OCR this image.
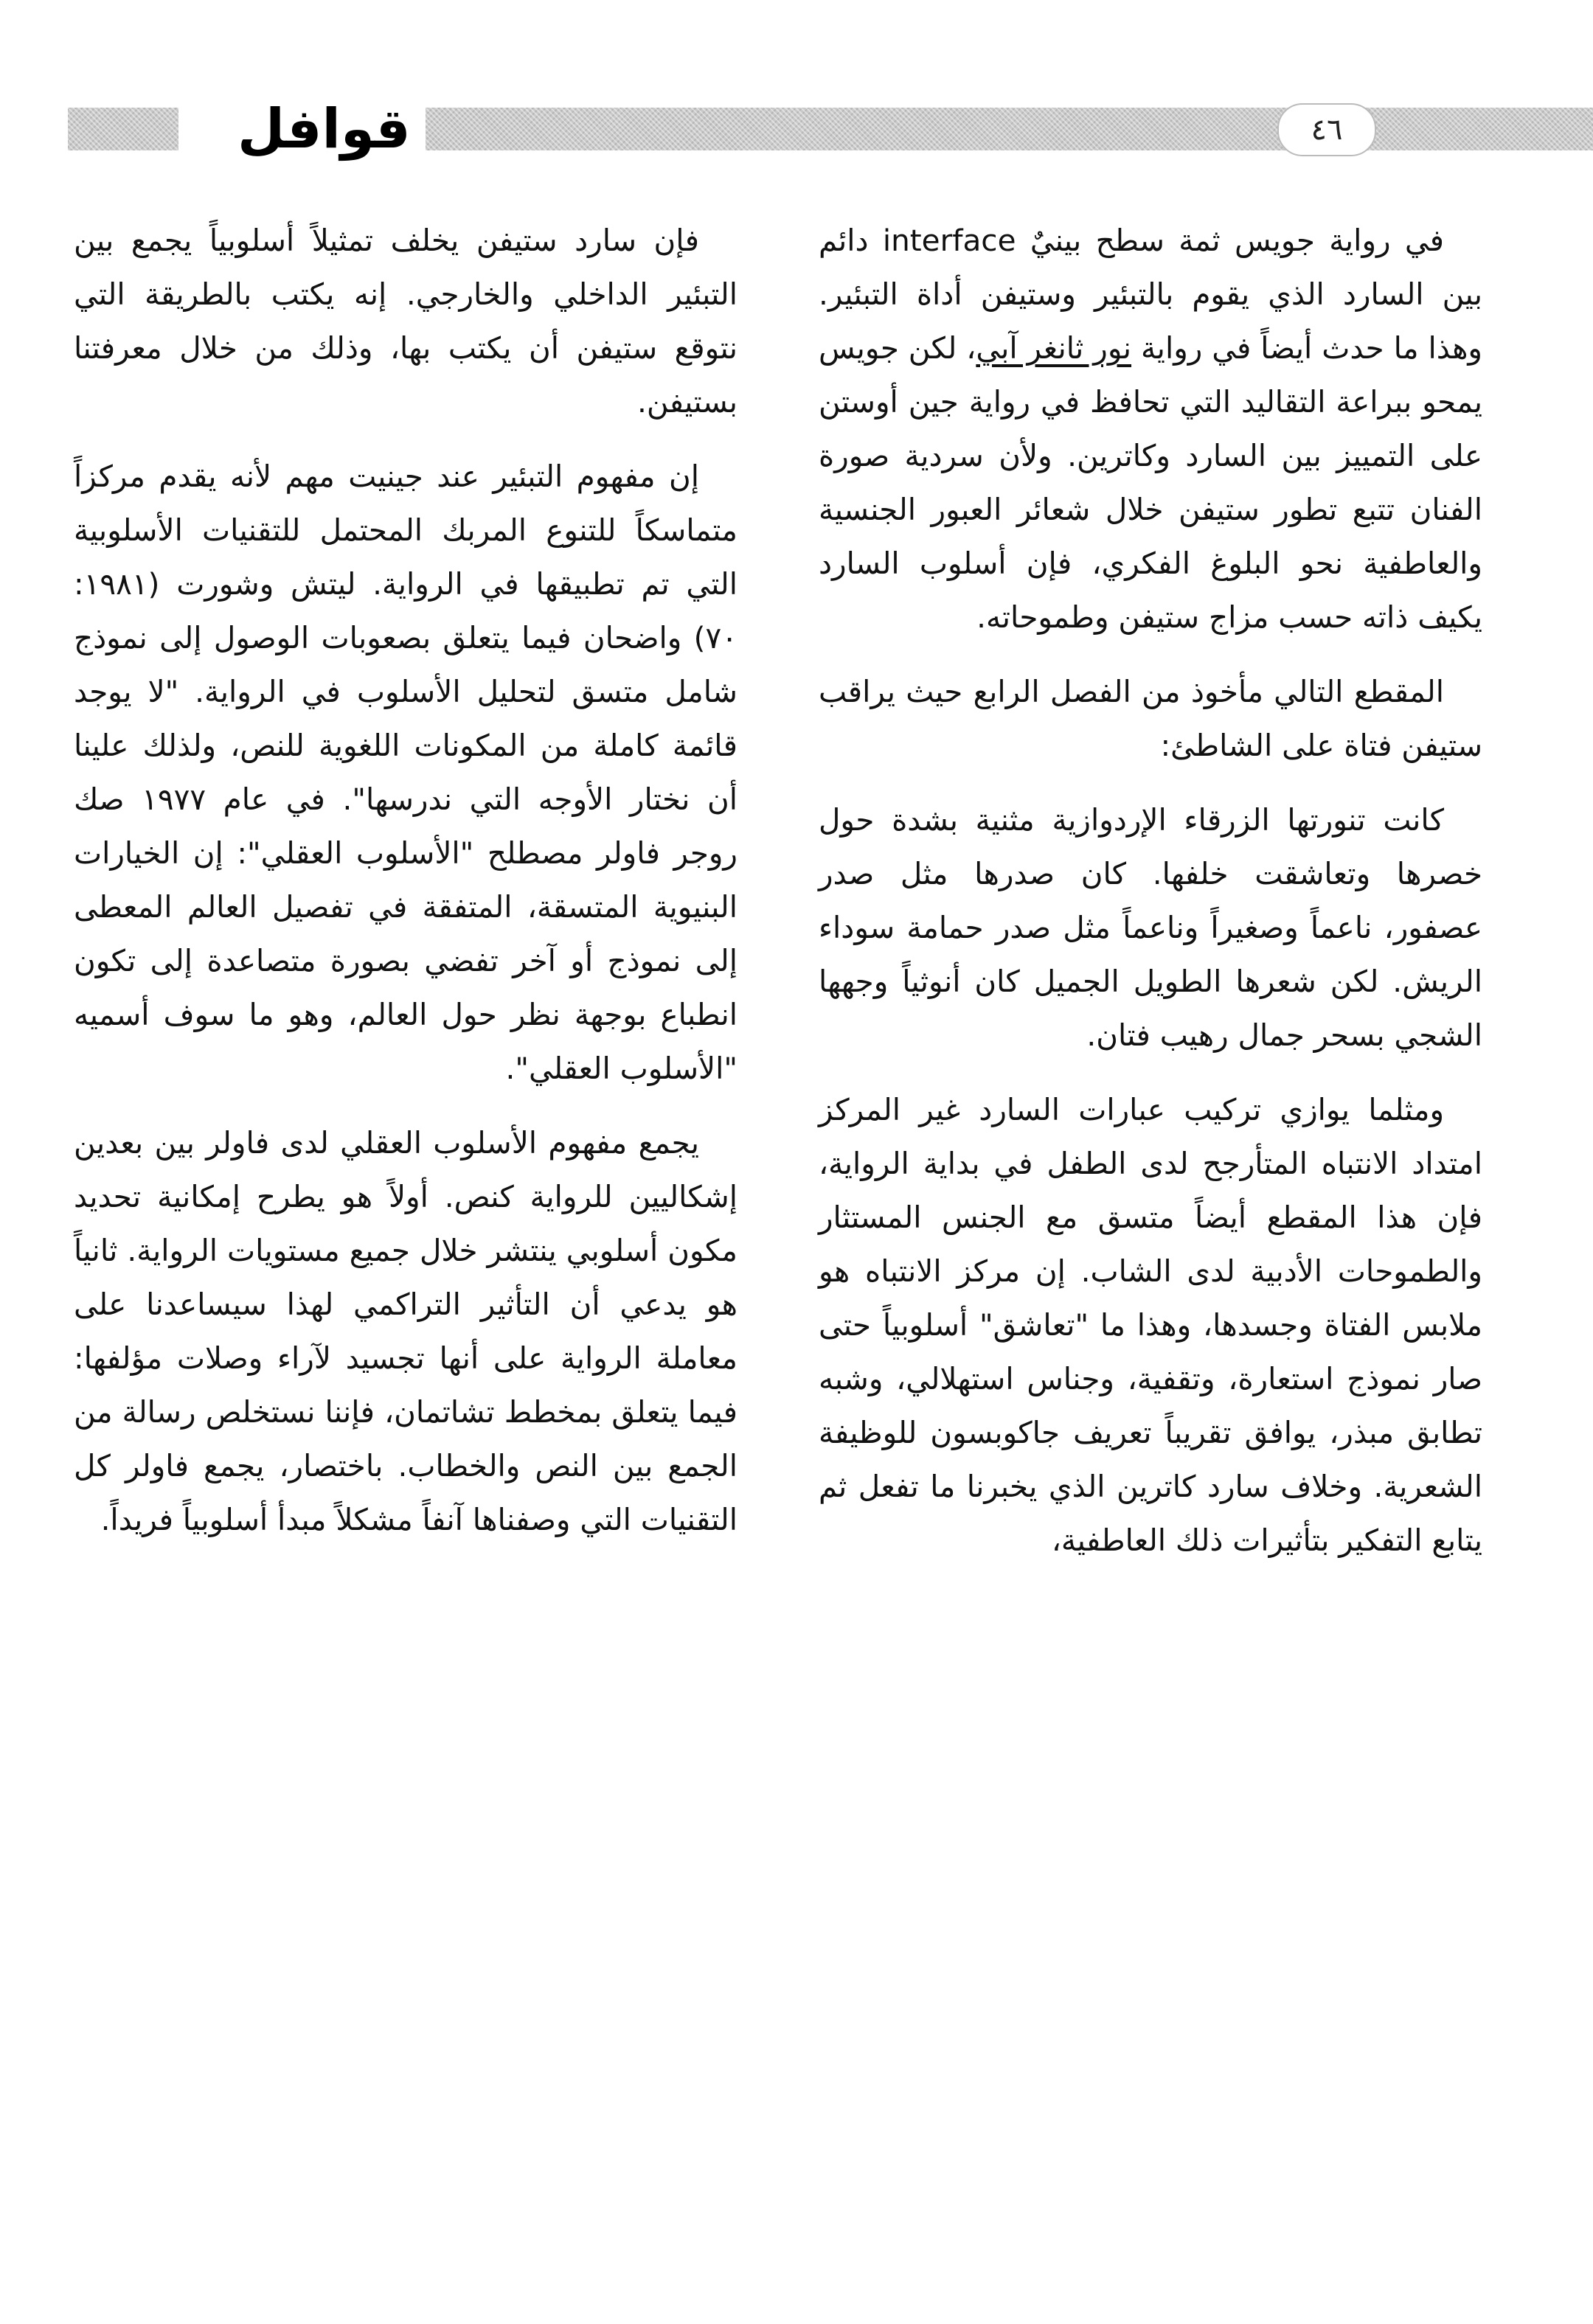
٤٦
قوافل

في رواية جويس ثمة سطح بينيٌ interface دائم بين السارد الذي يقوم بالتبئير وستيفن أداة التبئير. وهذا ما حدث أيضاً في رواية نور ثانغر آبي، لكن جويس يمحو ببراعة التقاليد التي تحافظ في رواية جين أوستن على التمييز بين السارد وكاترين. ولأن سردية صورة الفنان تتبع تطور ستيفن خلال شعائر العبور الجنسية والعاطفية نحو البلوغ الفكري، فإن أسلوب السارد يكيف ذاته حسب مزاج ستيفن وطموحاته.

المقطع التالي مأخوذ من الفصل الرابع حيث يراقب ستيفن فتاة على الشاطئ:

كانت تنورتها الزرقاء الإردوازية مثنية بشدة حول خصرها وتعاشقت خلفها. كان صدرها مثل صدر عصفور، ناعماً وصغيراً وناعماً مثل صدر حمامة سوداء الريش. لكن شعرها الطويل الجميل كان أنوثياً وجهها الشجي بسحر جمال رهيب فتان.

ومثلما يوازي تركيب عبارات السارد غير المركز امتداد الانتباه المتأرجح لدى الطفل في بداية الرواية، فإن هذا المقطع أيضاً متسق مع الجنس المستثار والطموحات الأدبية لدى الشاب. إن مركز الانتباه هو ملابس الفتاة وجسدها، وهذا ما "تعاشق" أسلوبياً حتى صار نموذج استعارة، وتقفية، وجناس استهلالي، وشبه تطابق مبذر، يوافق تقريباً تعريف جاكوبسون للوظيفة الشعرية. وخلاف سارد كاترين الذي يخبرنا ما تفعل ثم يتابع التفكير بتأثيرات ذلك العاطفية،

فإن سارد ستيفن يخلف تمثيلاً أسلوبياً يجمع بين التبئير الداخلي والخارجي. إنه يكتب بالطريقة التي نتوقع ستيفن أن يكتب بها، وذلك من خلال معرفتنا بستيفن.

إن مفهوم التبئير عند جينيت مهم لأنه يقدم مركزاً متماسكاً للتنوع المربك المحتمل للتقنيات الأسلوبية التي تم تطبيقها في الرواية. ليتش وشورت (١٩٨١: ٧٠) واضحان فيما يتعلق بصعوبات الوصول إلى نموذج شامل متسق لتحليل الأسلوب في الرواية. "لا يوجد قائمة كاملة من المكونات اللغوية للنص، ولذلك علينا أن نختار الأوجه التي ندرسها". في عام ١٩٧٧ صك روجر فاولر مصطلح "الأسلوب العقلي": إن الخيارات البنيوية المتسقة، المتفقة في تفصيل العالم المعطى إلى نموذج أو آخر تفضي بصورة متصاعدة إلى تكون انطباع بوجهة نظر حول العالم، وهو ما سوف أسميه "الأسلوب العقلي".

يجمع مفهوم الأسلوب العقلي لدى فاولر بين بعدين إشكاليين للرواية كنص. أولاً هو يطرح إمكانية تحديد مكون أسلوبي ينتشر خلال جميع مستويات الرواية. ثانياً هو يدعي أن التأثير التراكمي لهذا سيساعدنا على معاملة الرواية على أنها تجسيد لآراء وصلات مؤلفها: فيما يتعلق بمخطط تشاتمان، فإننا نستخلص رسالة من الجمع بين النص والخطاب. باختصار، يجمع فاولر كل التقنيات التي وصفناها آنفاً مشكلاً مبدأ أسلوبياً فريداً.
